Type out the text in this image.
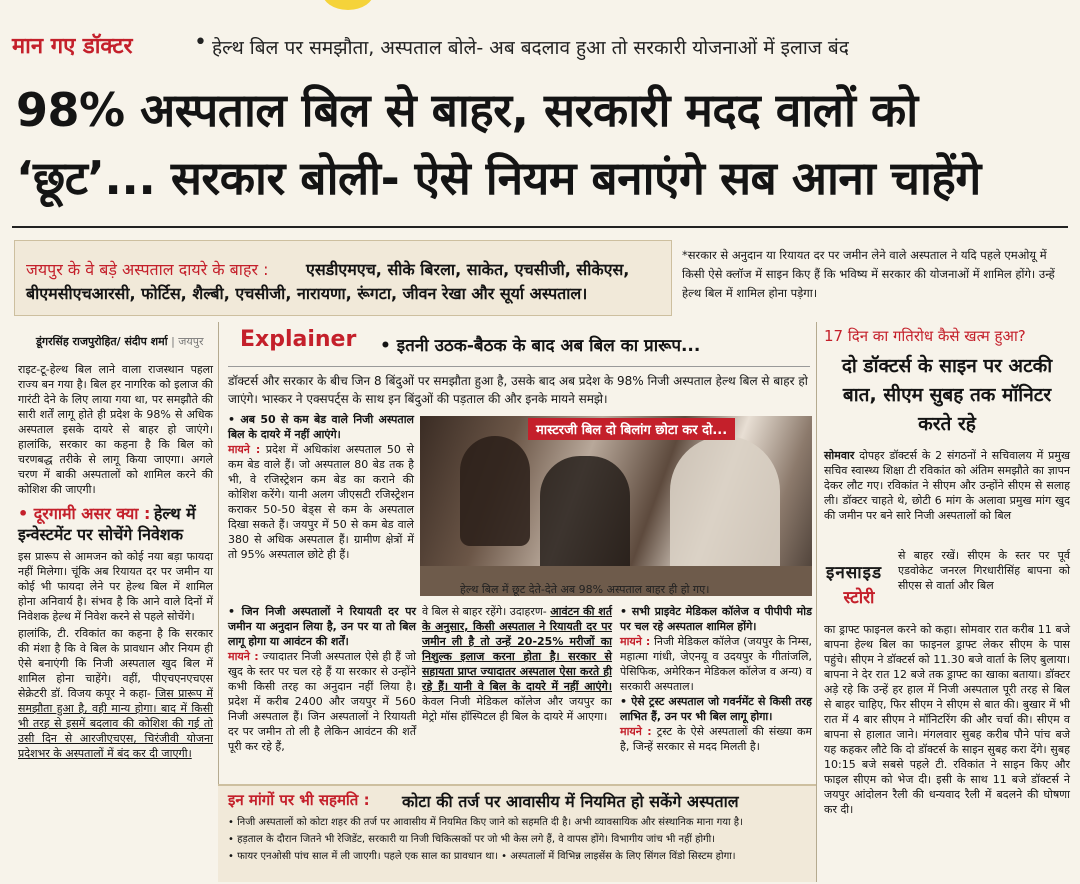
मान गए डॉक्टर	• हेल्थ बिल पर समझौता, अस्पताल बोले- अब बदलाव हुआ तो सरकारी योजनाओं में इलाज बंद
98% अस्पताल बिल से बाहर, सरकारी मदद वालों को
‘छूट’... सरकार बोली- ऐसे नियम बनाएंगे सब आना चाहेंगे
जयपुर के वे बड़े अस्पताल दायरे के बाहर : एसडीएमएच, सीके बिरला, साकेत, एचसीजी, सीकेएस,
बीएमसीएचआरसी, फोर्टिस, शैल्बी, एचसीजी, नारायणा, रूंगटा, जीवन रेखा और सूर्या अस्पताल।
*सरकार से अनुदान या रियायत दर पर जमीन लेने वाले अस्पताल ने यदि पहले एमओयू में किसी ऐसे क्लॉज में साइन किए हैं कि भविष्य में सरकार की योजनाओं में शामिल होंगे। उन्हें हेल्थ बिल में शामिल होना पड़ेगा।
डूंगरसिंह राजपुरोहित/ संदीप शर्मा | जयपुर
राइट-टू-हेल्थ बिल लाने वाला राजस्थान पहला राज्य बन गया है। बिल हर नागरिक को इलाज की गारंटी देने के लिए लाया गया था, पर समझौते की सारी शर्तें लागू होते ही प्रदेश के 98% से अधिक अस्पताल इसके दायरे से बाहर हो जाएंगे। हालांकि, सरकार का कहना है कि बिल को चरणबद्ध तरीके से लागू किया जाएगा। अगले चरण में बाकी अस्पतालों को शामिल करने की कोशिश की जाएगी।
• दूरगामी असर क्या : हेल्थ में
इन्वेस्टमेंट पर सोचेंगे निवेशक
इस प्रारूप से आमजन को कोई नया बड़ा फायदा नहीं मिलेगा। चूंकि अब रियायत दर पर जमीन या कोई भी फायदा लेने पर हेल्थ बिल में शामिल होना अनिवार्य है। संभव है कि आने वाले दिनों में निवेशक हेल्थ में निवेश करने से पहले सोचेंगे।
हालांकि, टी. रविकांत का कहना है कि सरकार की मंशा है कि वे बिल के प्रावधान और नियम ही ऐसे बनाएंगी कि निजी अस्पताल खुद बिल में शामिल होना चाहेंगे। वहीं, पीएचएनएचएस सेक्रेटरी डॉ. विजय कपूर ने कहा- जिस प्रारूप में समझौता हुआ है, वही मान्य होगा। बाद में किसी भी तरह से इसमें बदलाव की कोशिश की गई तो उसी दिन से आरजीएचएस, चिरंजीवी योजना प्रदेशभर के अस्पतालों में बंद कर दी जाएगी।
Explainer • इतनी उठक-बैठक के बाद अब बिल का प्रारूप...
डॉक्टर्स और सरकार के बीच जिन 8 बिंदुओं पर समझौता हुआ है, उसके बाद अब प्रदेश के 98% निजी अस्पताल हेल्थ बिल से बाहर हो जाएंगे। भास्कर ने एक्सपर्ट्स के साथ इन बिंदुओं की पड़ताल की और इनके मायने समझे।
मास्टरजी बिल दो बिलांग छोटा कर दो...
हेल्थ बिल में छूट देते-देते अब 98% अस्पताल बाहर ही हो गए।
• अब 50 से कम बेड वाले निजी अस्पताल बिल के दायरे में नहीं आएंगे।
मायने : प्रदेश में अधिकांश अस्पताल 50 से कम बेड वाले हैं। जो अस्पताल 80 बेड तक है भी, वे रजिस्ट्रेशन कम बेड का कराने की कोशिश करेंगे। यानी अलग जीएसटी रजिस्ट्रेशन कराकर 50-50 बेड्स से कम के अस्पताल दिखा सकते हैं। जयपुर में 50 से कम बेड वाले 380 से अधिक अस्पताल हैं। ग्रामीण क्षेत्रों में तो 95% अस्पताल छोटे ही हैं।
• जिन निजी अस्पतालों ने रियायती दर पर जमीन या अनुदान लिया है, उन पर या तो बिल लागू होगा या आवंटन की शर्तें।
मायने : ज्यादातर निजी अस्पताल ऐसे ही हैं जो खुद के स्तर पर चल रहे हैं या सरकार से उन्होंने कभी किसी तरह का अनुदान नहीं लिया है। प्रदेश में करीब 2400 और जयपुर में 560 निजी अस्पताल हैं। जिन अस्पतालों ने रियायती दर पर जमीन तो ली है लेकिन आवंटन की शर्तें पूरी कर रहे हैं,
वे बिल से बाहर रहेंगे। उदाहरण- आवंटन की शर्त के अनुसार, किसी अस्पताल ने रियायती दर पर जमीन ली है तो उन्हें 20-25% मरीजों का निशुल्क इलाज करना होता है। सरकार से सहायता प्राप्त ज्यादातर अस्पताल ऐसा करते ही रहे हैं। यानी वे बिल के दायरे में नहीं आएंगे। केवल निजी मेडिकल कॉलेज और जयपुर का मेट्रो मॉस हॉस्पिटल ही बिल के दायरे में आएगा।
• सभी प्राइवेट मेडिकल कॉलेज व पीपीपी मोड पर चल रहे अस्पताल शामिल होंगे।
मायने : निजी मेडिकल कॉलेज (जयपुर के निम्स, महात्मा गांधी, जेएनयू व उदयपुर के गीतांजलि, पेसिफिक, अमेरिकन मेडिकल कॉलेज व अन्य) व सरकारी अस्पताल।
• ऐसे ट्रस्ट अस्पताल जो गवर्नमेंट से किसी तरह लाभित हैं, उन पर भी बिल लागू होगा।
मायने : ट्रस्ट के ऐसे अस्पतालों की संख्या कम है, जिन्हें सरकार से मदद मिलती है।
इन मांगों पर भी सहमति : कोटा की तर्ज पर आवासीय में नियमित हो सकेंगे अस्पताल
• निजी अस्पतालों को कोटा शहर की तर्ज पर आवासीय में नियमित किए जाने को सहमति दी है। अभी व्यावसायिक और संस्थानिक माना गया है।
• हड़ताल के दौरान जितने भी रेजिडेंट, सरकारी या निजी चिकित्सकों पर जो भी केस लगे हैं, वे वापस होंगे। विभागीय जांच भी नहीं होगी।
• फायर एनओसी पांच साल में ली जाएगी। पहले एक साल का प्रावधान था। • अस्पतालों में विभिन्न लाइसेंस के लिए सिंगल विंडो सिस्टम होगा।
17 दिन का गतिरोध कैसे खत्म हुआ?
दो डॉक्टर्स के साइन पर अटकी बात, सीएम सुबह तक मॉनिटर करते रहे
सोमवार दोपहर डॉक्टर्स के 2 संगठनों ने सचिवालय में प्रमुख सचिव स्वास्थ्य शिक्षा टी रविकांत को अंतिम समझौते का ज्ञापन देकर लौट गए। रविकांत ने सीएम और उन्होंने सीएम से सलाह ली। डॉक्टर चाहते थे, छोटी 6 मांग के अलावा प्रमुख मांग खुद की जमीन पर बने सारे निजी अस्पतालों को बिल
इनसाइड
स्टोरी
से बाहर रखें। सीएम के स्तर पर पूर्व एडवोकेट जनरल गिरधारीसिंह बापना को सीएस से वार्ता और बिल
का ड्राफ्ट फाइनल करने को कहा। सोमवार रात करीब 11 बजे बापना हेल्थ बिल का फाइनल ड्राफ्ट लेकर सीएम के पास पहुंचे। सीएम ने डॉक्टर्स को 11.30 बजे वार्ता के लिए बुलाया। बापना ने देर रात 12 बजे तक ड्राफ्ट का खाका बताया। डॉक्टर अड़े रहे कि उन्हें हर हाल में निजी अस्पताल पूरी तरह से बिल से बाहर चाहिए, फिर सीएम ने सीएम से बात की। बुखार में भी रात में 4 बार सीएम ने मॉनिटरिंग की और चर्चा की। सीएम व बापना से हालात जाने। मंगलवार सुबह करीब पौने पांच बजे यह कहकर लौटे कि दो डॉक्टर्स के साइन सुबह करा देंगे। सुबह 10:15 बजे सबसे पहले टी. रविकांत ने साइन किए और फाइल सीएम को भेज दी। इसी के साथ 11 बजे डॉक्टर्स ने जयपुर आंदोलन रैली की धन्यवाद रैली में बदलने की घोषणा कर दी।
